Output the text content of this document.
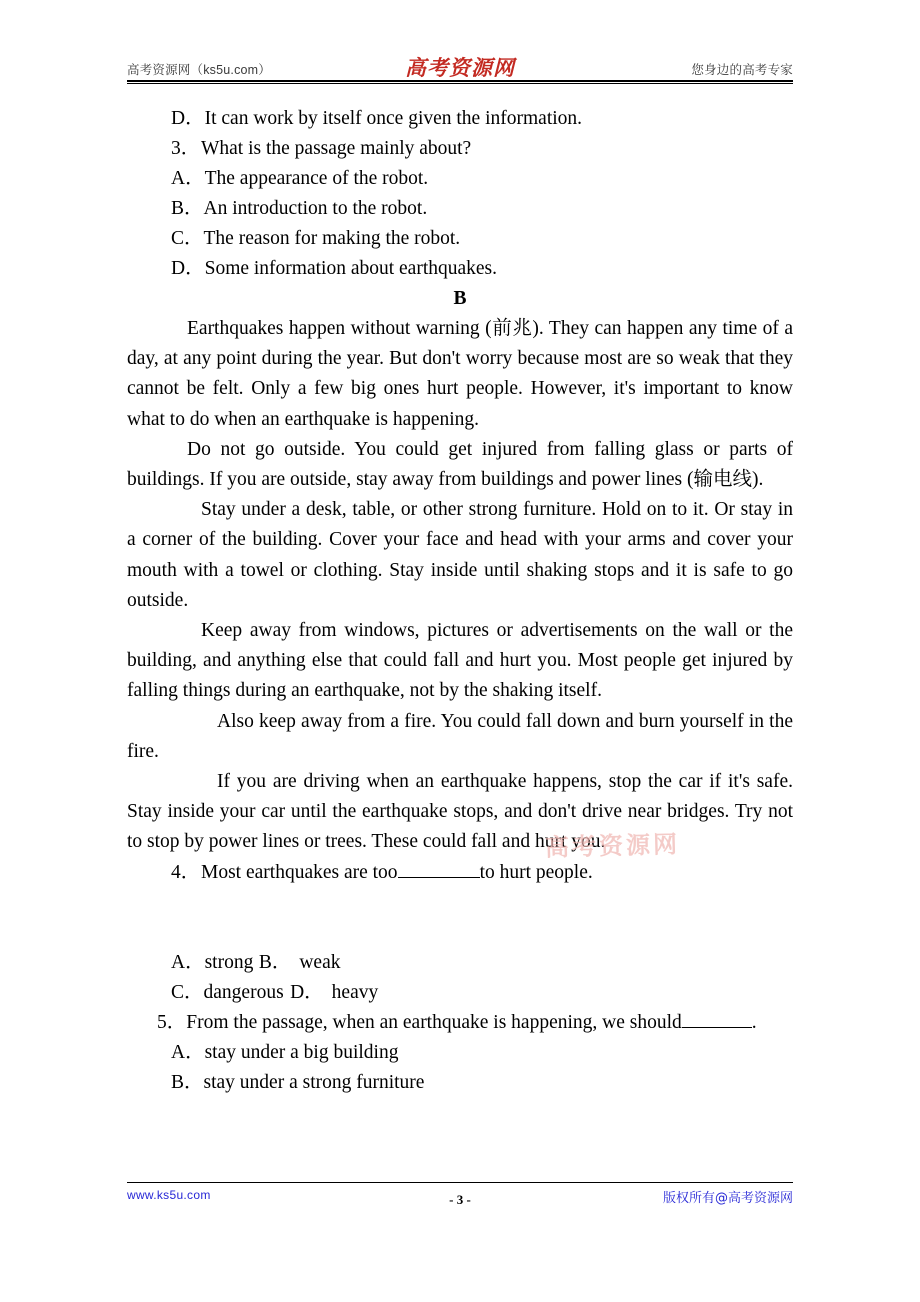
高考资源网（ks5u.com）	高考资源网	您身边的高考专家
D．It can work by itself once given the information.
3．What is the passage mainly about?
A．The appearance of the robot.
B．An introduction to the robot.
C．The reason for making the robot.
D．Some information about earthquakes.
B

Earthquakes happen without warning (前兆). They can happen any time of a day, at any point during the year. But don't worry because most are so weak that they cannot be felt. Only a few big ones hurt people. However, it's important to know what to do when an earthquake is happening.

Do not go outside. You could get injured from falling glass or parts of buildings. If you are outside, stay away from buildings and power lines (输电线).

Stay under a desk, table, or other strong furniture. Hold on to it. Or stay in a corner of the building. Cover your face and head with your arms and cover your mouth with a towel or clothing. Stay inside until shaking stops and it is safe to go outside.

Keep away from windows, pictures or advertisements on the wall or the building, and anything else that could fall and hurt you. Most people get injured by falling things during an earthquake, not by the shaking itself.

Also keep away from a fire. You could fall down and burn yourself in the fire.

If you are driving when an earthquake happens, stop the car if it's safe. Stay inside your car until the earthquake stops, and don't drive near bridges. Try not to stop by power lines or trees. These could fall and hurt you.

4．Most earthquakes are too	to hurt people.
A．strong B． weak
C．dangerous D． heavy

5．From the passage, when an earthquake is happening, we should	.

A．stay under a big building
B．stay under a strong furniture
高考资源网
www.ks5u.com	- 3 -	版权所有@高考资源网
